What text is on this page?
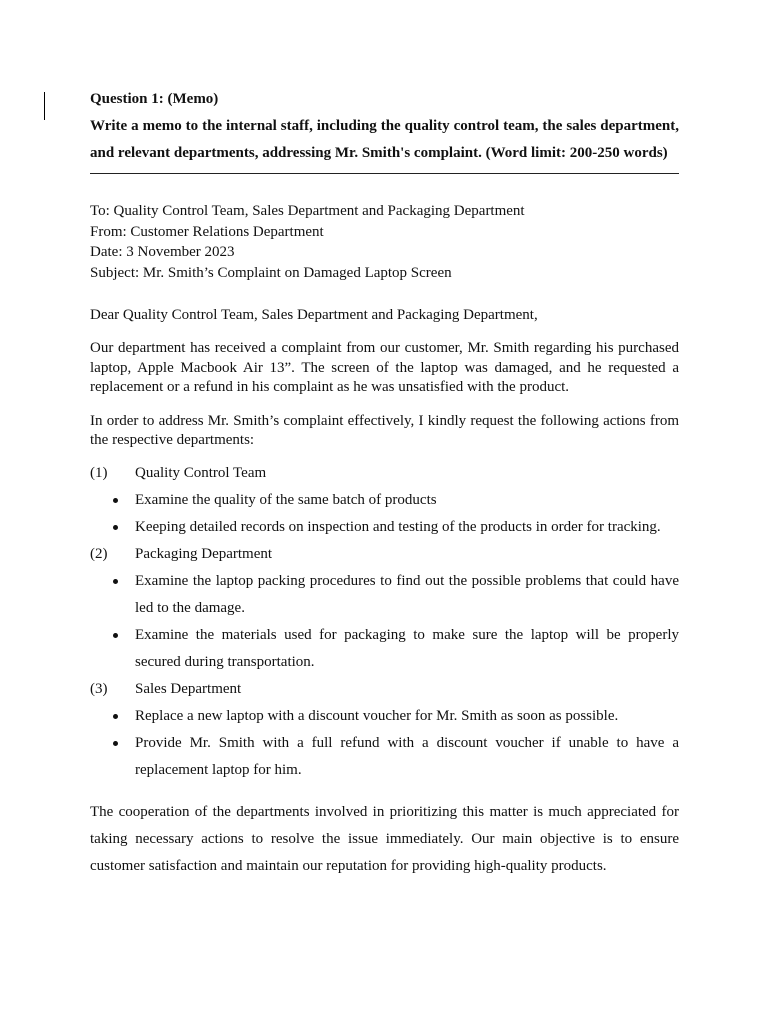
Question 1: (Memo)
Write a memo to the internal staff, including the quality control team, the sales department, and relevant departments, addressing Mr. Smith's complaint. (Word limit: 200-250 words)
To: Quality Control Team, Sales Department and Packaging Department
From: Customer Relations Department
Date: 3 November 2023
Subject: Mr. Smith’s Complaint on Damaged Laptop Screen
Dear Quality Control Team, Sales Department and Packaging Department,
Our department has received a complaint from our customer, Mr. Smith regarding his purchased laptop, Apple Macbook Air 13”. The screen of the laptop was damaged, and he requested a replacement or a refund in his complaint as he was unsatisfied with the product.
In order to address Mr. Smith’s complaint effectively, I kindly request the following actions from the respective departments:
(1)	Quality Control Team
Examine the quality of the same batch of products
Keeping detailed records on inspection and testing of the products in order for tracking.
(2)	Packaging Department
Examine the laptop packing procedures to find out the possible problems that could have led to the damage.
Examine the materials used for packaging to make sure the laptop will be properly secured during transportation.
(3)	Sales Department
Replace a new laptop with a discount voucher for Mr. Smith as soon as possible.
Provide Mr. Smith with a full refund with a discount voucher if unable to have a replacement laptop for him.
The cooperation of the departments involved in prioritizing this matter is much appreciated for taking necessary actions to resolve the issue immediately. Our main objective is to ensure customer satisfaction and maintain our reputation for providing high-quality products.
